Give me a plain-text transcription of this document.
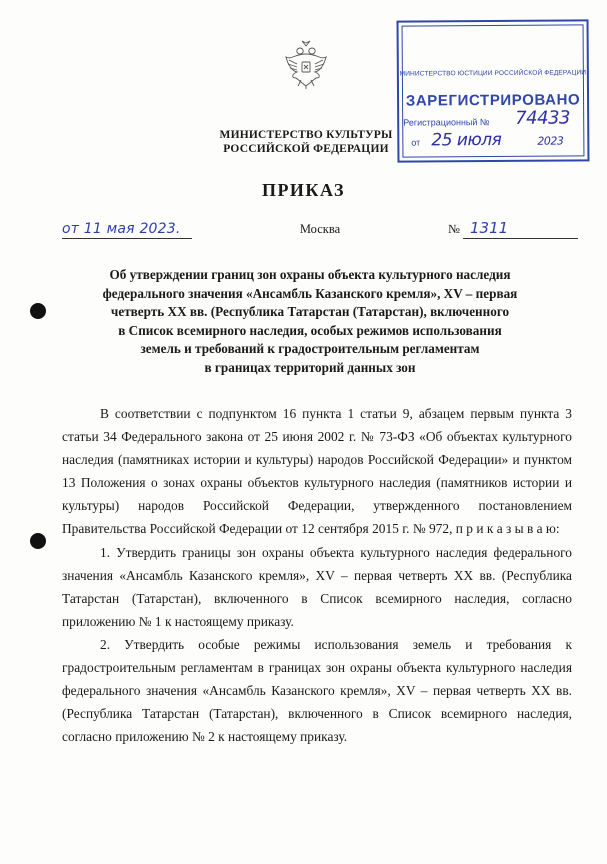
МИНИСТЕРСТВО КУЛЬТУРЫ
РОССИЙСКОЙ ФЕДЕРАЦИИ
МИНИСТЕРСТВО ЮСТИЦИИ РОССИЙСКОЙ ФЕДЕРАЦИИ
ЗАРЕГИСТРИРОВАНО
Регистрационный № 74433
от 25 июля	2023
ПРИКАЗ
от 11 мая 2023.	Москва	№ 1311
Об утверждении границ зон охраны объекта культурного наследия
федерального значения «Ансамбль Казанского кремля», XV – первая
четверть XX вв. (Республика Татарстан (Татарстан), включенного
в Список всемирного наследия, особых режимов использования
земель и требований к градостроительным регламентам
в границах территорий данных зон

В соответствии с подпунктом 16 пункта 1 статьи 9, абзацем первым пункта 3 статьи 34 Федерального закона от 25 июня 2002 г. № 73-ФЗ «Об объектах культурного наследия (памятниках истории и культуры) народов Российской Федерации» и пунктом 13 Положения о зонах охраны объектов культурного наследия (памятников истории и культуры) народов Российской Федерации, утвержденного постановлением Правительства Российской Федерации от 12 сентября 2015 г. № 972, п р и к а з ы в а ю:

1. Утвердить границы зон охраны объекта культурного наследия федерального значения «Ансамбль Казанского кремля», XV – первая четверть XX вв. (Республика Татарстан (Татарстан), включенного в Список всемирного наследия, согласно приложению № 1 к настоящему приказу.

2. Утвердить особые режимы использования земель и требования к градостроительным регламентам в границах зон охраны объекта культурного наследия федерального значения «Ансамбль Казанского кремля», XV – первая четверть XX вв. (Республика Татарстан (Татарстан), включенного в Список всемирного наследия, согласно приложению № 2 к настоящему приказу.
